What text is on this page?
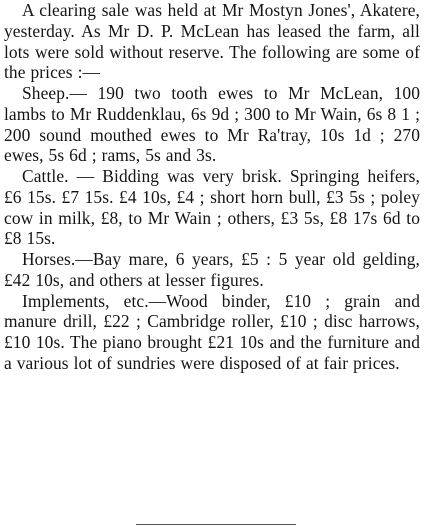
A clearing sale was held at Mr Mostyn Jones', Akatere, yesterday. As Mr D. P. McLean has leased the farm, all lots were sold without reserve. The following are some of the prices :—

Sheep.— 190 two tooth ewes to Mr McLean, 100 lambs to Mr Ruddenklau, 6s 9d ; 300 to Mr Wain, 6s 8 1 ; 200 sound mouthed ewes to Mr Ra'tray, 10s 1d ; 270 ewes, 5s 6d ; rams, 5s and 3s.

Cattle. — Bidding was very brisk. Springing heifers, £6 15s. £7 15s. £4 10s, £4 ; short horn bull, £3 5s ; poley cow in milk, £8, to Mr Wain ; others, £3 5s, £8 17s 6d to £8 15s.

Horses.—Bay mare, 6 years, £5 : 5 year old gelding, £42 10s, and others at lesser figures.

Implements, etc.—Wood binder, £10 ; grain and manure drill, £22 ; Cambridge roller, £10 ; disc harrows, £10 10s. The piano brought £21 10s and the furniture and a various lot of sundries were disposed of at fair prices.
